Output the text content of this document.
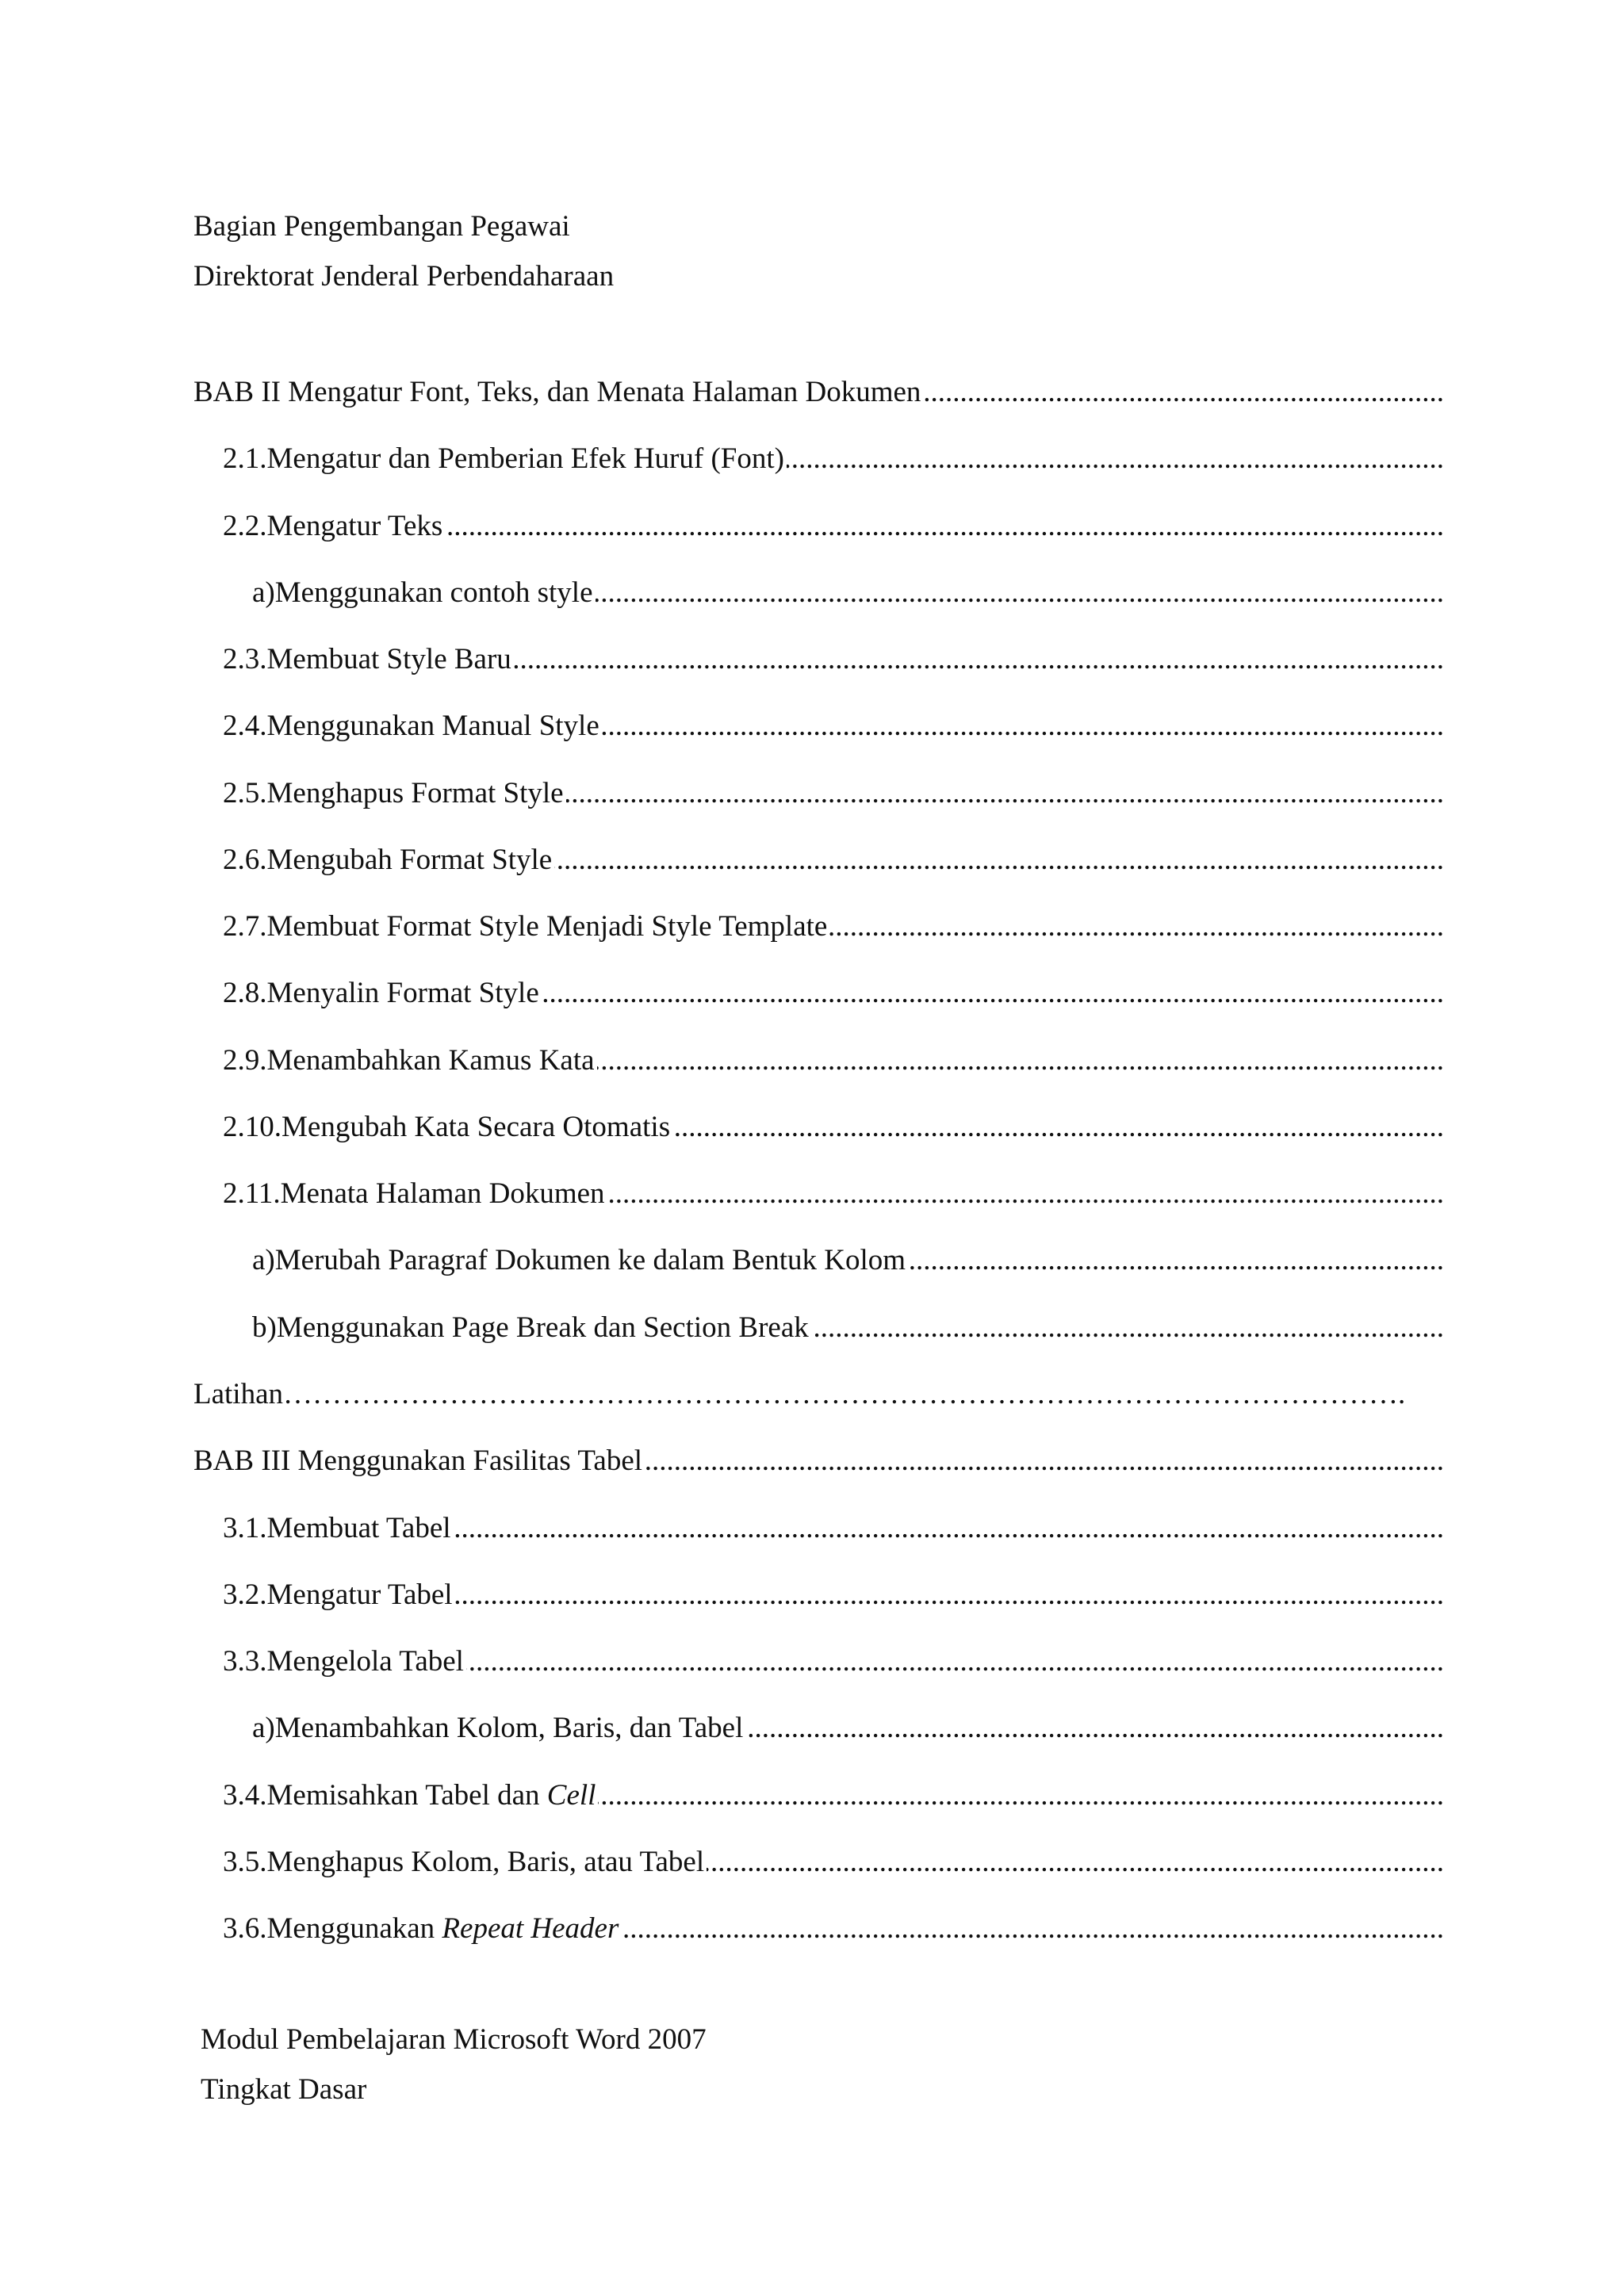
Bagian Pengembangan Pegawai
Direktorat Jenderal Perbendaharaan
BAB II Mengatur Font, Teks, dan Menata Halaman Dokumen
.....
2.1.Mengatur dan Pemberian Efek Huruf (Font)
.....
2.2.Mengatur Teks
.....
a)Menggunakan contoh style
.....
2.3.Membuat Style Baru
.....
2.4.Menggunakan Manual Style
.....
2.5.Menghapus Format Style
.....
2.6.Mengubah Format Style
.....
2.7.Membuat Format Style Menjadi Style Template
.....
2.8.Menyalin Format Style
.....
2.9.Menambahkan Kamus Kata
.....
2.10.Mengubah Kata Secara Otomatis
.....
2.11.Menata Halaman Dokumen
.....
a)Merubah Paragraf Dokumen ke dalam Bentuk Kolom
.....
b)Menggunakan Page Break dan Section Break
.....
Latihan…………………………………………………………………………………………………….
BAB III Menggunakan Fasilitas Tabel
.....
3.1.Membuat Tabel
.....
3.2.Mengatur Tabel
.....
3.3.Mengelola Tabel
.....
a)Menambahkan Kolom, Baris, dan Tabel
.....
3.4.Memisahkan Tabel dan Cell
.....
3.5.Menghapus Kolom, Baris, atau Tabel
.....
3.6.Menggunakan Repeat Header
.....
Modul Pembelajaran Microsoft Word 2007
Tingkat Dasar
